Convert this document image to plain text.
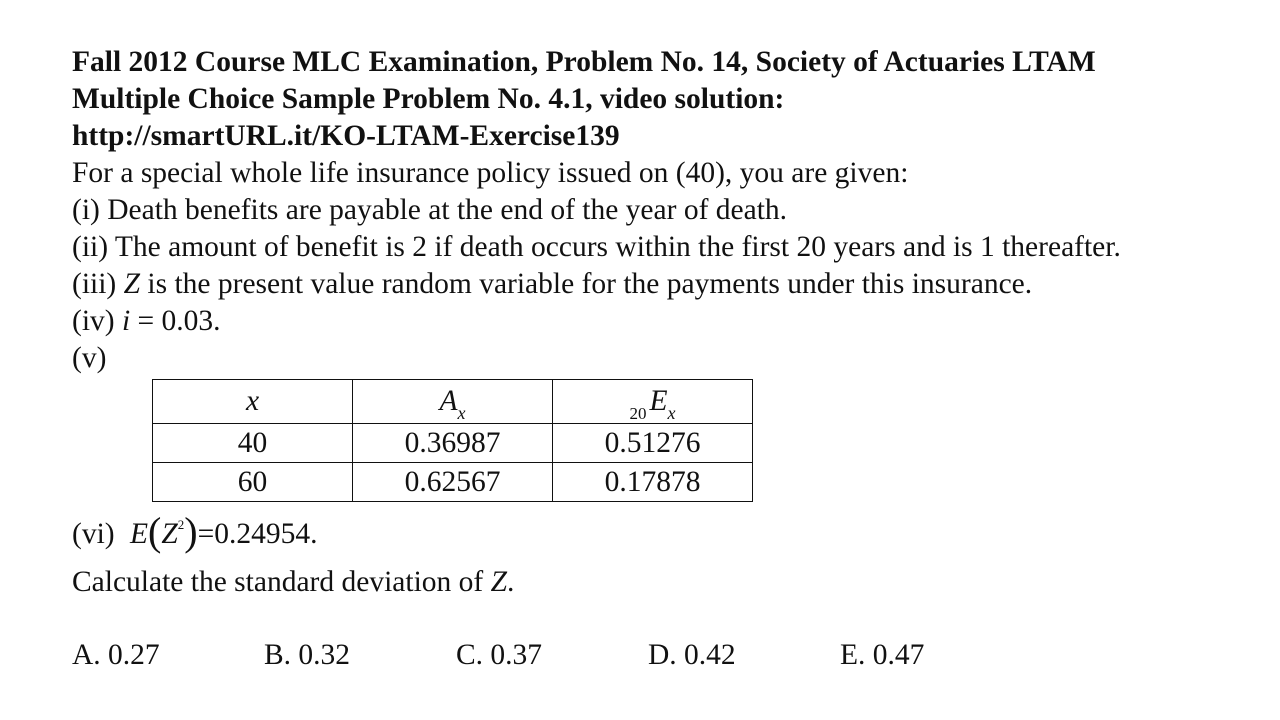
Fall 2012 Course MLC Examination, Problem No. 14, Society of Actuaries LTAM
Multiple Choice Sample Problem No. 4.1, video solution:
http://smartURL.it/KO-LTAM-Exercise139
For a special whole life insurance policy issued on (40), you are given:
(i) Death benefits are payable at the end of the year of death.
(ii) The amount of benefit is 2 if death occurs within the first 20 years and is 1 thereafter.
(iii) Z is the present value random variable for the payments under this insurance.
(iv) i = 0.03.
(v)
x	$A_x$	$_{20}$ $E_x$
40	0.36987	0.51276
60	0.62567	0.17878
(vi) $E(Z^2)=0.24954$.
Calculate the standard deviation of Z.
A. 0.27	B. 0.32	C. 0.37	D. 0.42	E. 0.47
